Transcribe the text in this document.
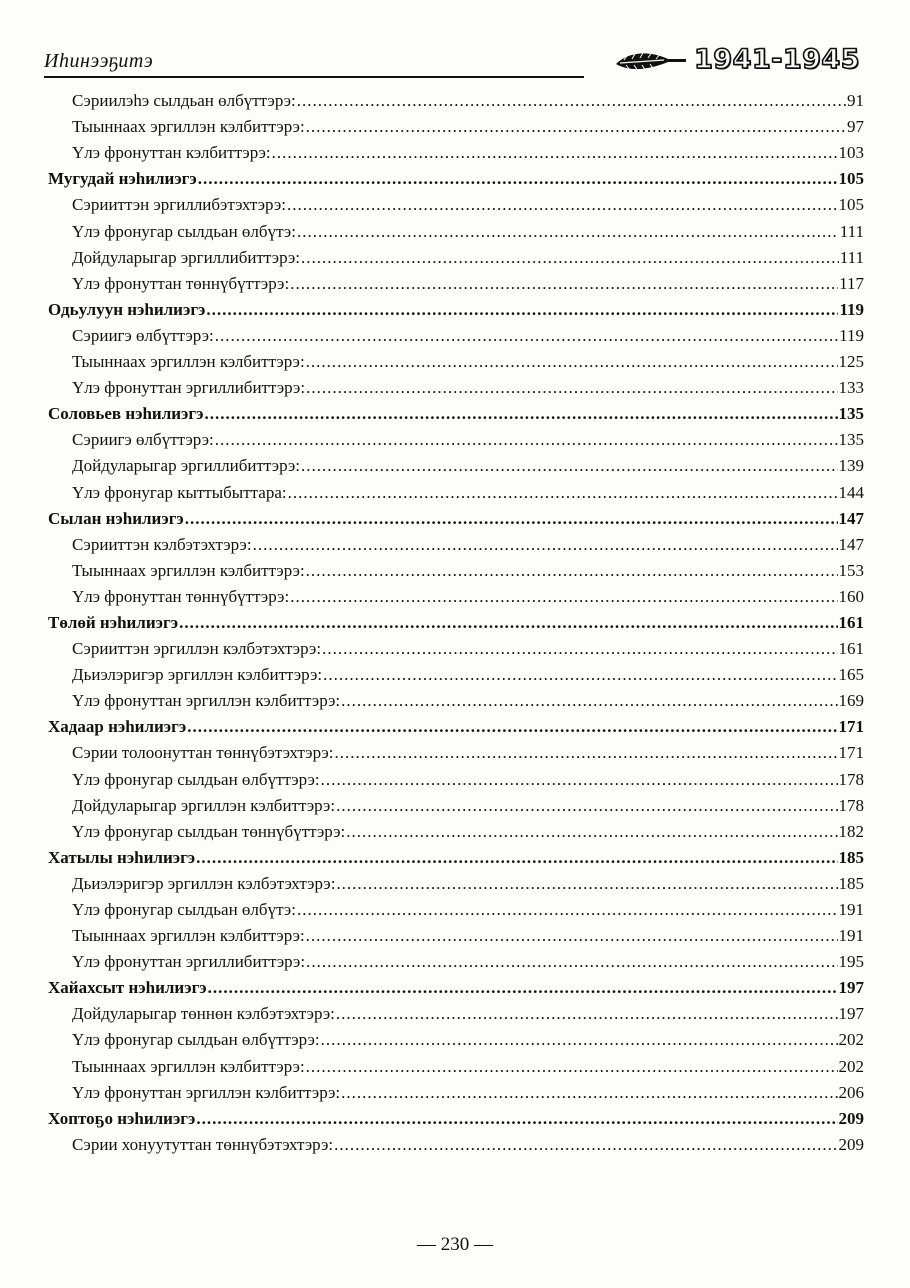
Иһинээҕитэ	1941-1945
Сэриилэһэ сылдьан өлбүттэрэ: .....	91
Тыыннаах эргиллэн кэлбиттэрэ: .....	97
Үлэ фронуттан кэлбиттэрэ: .....	103
Мугудай нэһилиэгэ .....	105
Сэрииттэн эргиллибэтэхтэрэ: .....	105
Үлэ фронугар сылдьан өлбүтэ: .....	111
Дойдуларыгар эргиллибиттэрэ: .....	111
Үлэ фронуттан төннүбүттэрэ: .....	117
Одьулуун нэһилиэгэ .....	119
Сэриигэ өлбүттэрэ: .....	119
Тыыннаах эргиллэн кэлбиттэрэ: .....	125
Үлэ фронуттан эргиллибиттэрэ: .....	133
Соловьев нэһилиэгэ .....	135
Сэриигэ өлбүттэрэ: .....	135
Дойдуларыгар эргиллибиттэрэ: .....	139
Үлэ фронугар кыттыбыттара: .....	144
Сылан нэһилиэгэ .....	147
Сэрииттэн кэлбэтэхтэрэ: .....	147
Тыыннаах эргиллэн кэлбиттэрэ: .....	153
Үлэ фронуттан төннүбүттэрэ: .....	160
Төлөй нэһилиэгэ .....	161
Сэрииттэн эргиллэн кэлбэтэхтэрэ: .....	161
Дьиэлэригэр эргиллэн кэлбиттэрэ: .....	165
Үлэ фронуттан эргиллэн кэлбиттэрэ: .....	169
Хадаар нэһилиэгэ .....	171
Сэрии толоонуттан төннүбэтэхтэрэ: .....	171
Үлэ фронугар сылдьан өлбүттэрэ: .....	178
Дойдуларыгар эргиллэн кэлбиттэрэ: .....	178
Үлэ фронугар сылдьан төннүбүттэрэ: .....	182
Хатылы нэһилиэгэ .....	185
Дьиэлэригэр эргиллэн кэлбэтэхтэрэ: .....	185
Үлэ фронугар сылдьан өлбүтэ: .....	191
Тыыннаах эргиллэн кэлбиттэрэ: .....	191
Үлэ фронуттан эргиллибиттэрэ: .....	195
Хайахсыт нэһилиэгэ .....	197
Дойдуларыгар төннөн кэлбэтэхтэрэ: .....	197
Үлэ фронугар сылдьан өлбүттэрэ: .....	202
Тыыннаах эргиллэн кэлбиттэрэ: .....	202
Үлэ фронуттан эргиллэн кэлбиттэрэ: .....	206
Хоптоҕо нэһилиэгэ .....	209
Сэрии хонуутуттан төннүбэтэхтэрэ: .....	209
— 230 —
